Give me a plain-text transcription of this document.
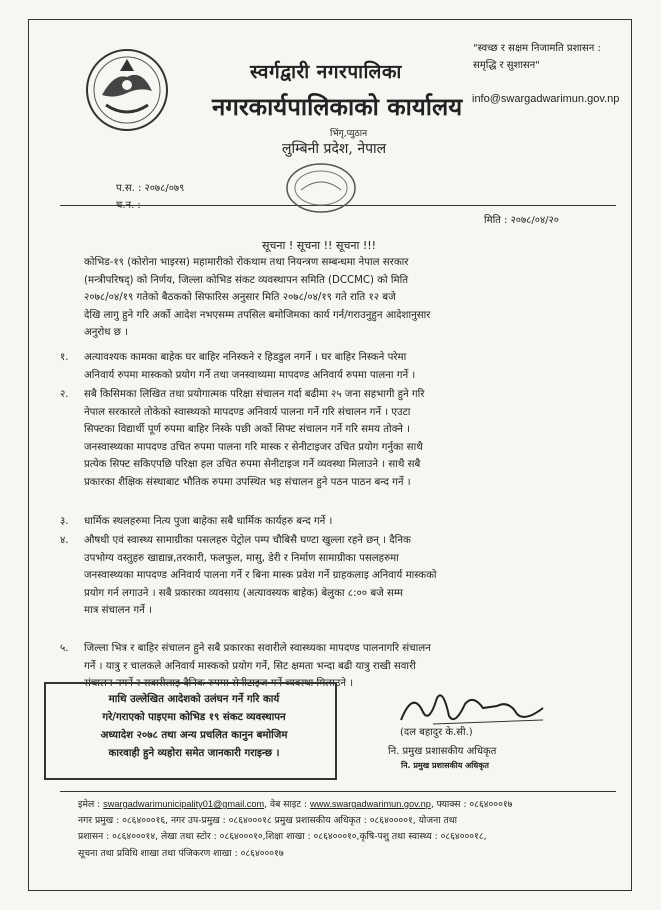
स्वर्गद्वारी नगरपालिका
नगरकार्यपालिकाको कार्यालय
"स्वच्छ र सक्षम निजामति प्रशासन :
समृद्धि र सुशासन"
info@swargadwarimun.gov.np
भिंगृ,प्युठान
लुम्बिनी प्रदेश, नेपाल
प.स. : २०७८/०७९
च.न. :
मिति : २०७८/०४/२०
सूचना ! सूचना !! सूचना !!!
कोभिड-१९ (कोरोना भाइरस) महामारीको रोकथाम तथा नियन्त्रण सम्बन्धमा नेपाल सरकार
(मन्त्रीपरिषद्) को निर्णय, जिल्ला कोभिड संकट व्यवस्थापन समिति (DCCMC) को मिति
२०७८/०४/१९ गतेको बैठकको सिफारिस अनुसार मिति २०७८/०४/१९ गते राति १२ बजे
देखि लागु हुने गरि अर्को आदेश नभएसम्म तपसिल बमोजिमका कार्य गर्न/गराउनुहुन आदेशानुसार
अनुरोध छ ।
१.	अत्यावश्यक कामका बाहेक घर बाहिर ननिस्कने र हिडडुल नगर्ने । घर बाहिर निस्कने परेमा
अनिवार्य रुपमा मास्कको प्रयोग गर्ने तथा जनस्वाथ्यमा मापदण्ड अनिवार्य रुपमा पालना गर्ने ।
२.	सबै किसिमका लिखित तथा प्रयोगात्मक परिक्षा संचालन गर्दा बढीमा २५ जना सहभागी हुने गरि
नेपाल सरकारले तोकेको स्वास्थ्यको मापदण्ड अनिवार्य पालना गर्ने गरि संचालन गर्ने । एउटा
सिफ्टका विद्यार्थी पूर्ण रुपमा बाहिर निस्के पछी अर्को सिफ्ट संचालन गर्ने गरि समय तोक्ने ।
जनस्वास्थ्यका मापदण्ड उचित रुपमा पालना गरि मास्क र सेनीटाइजर उचित प्रयोग गर्नुका साथै
प्रत्येक सिफ्ट सकिएपछि परिक्षा हल उचित रुपमा सेनीटाइज गर्ने व्यवस्था मिलाउने । साथै सबै
प्रकारका शैक्षिक संस्थाबाट भौतिक रुपमा उपस्थित भइ संचालन हुने पठन पाठन बन्द गर्ने ।
३.	धार्मिक स्थलहरुमा नित्य पुजा बाहेका सबै धार्मिक कार्यहरु बन्द गर्ने ।
४.	औषधी एवं स्वास्थ्य सामाग्रीका पसलहरु पेट्रोल पम्प चौबिसै घण्टा खुल्ला रहने छन् । दैनिक
उपभोग्य वस्तुहरु खाद्यान्न,तरकारी, फलफुल, मासु, डेरी र निर्माण सामाग्रीका पसलहरुमा
जनस्वास्थ्यका मापदण्ड अनिवार्य पालना गर्ने र बिना मास्क प्रवेश गर्ने ग्राहकलाइ अनिवार्य मास्कको
प्रयोग गर्न लगाउने । सबै प्रकारका व्यवसाय (अत्यावस्यक बाहेक) बेलुका ८:०० बजे सम्म
मात्र संचालन गर्ने ।
५.	जिल्ला भित्र र बाहिर संचालन हुने सबै प्रकारका सवारीले स्वास्थ्यका मापदण्ड पालनागरि संचालन
गर्ने । यात्रु र चालकले अनिवार्य मास्कको प्रयोग गर्ने, सिट क्षमता भन्दा बढी यात्रु राखी सवारी
संचालन नगर्ने र सवारीलाइ दैनिक रुपमा सेनीटाइज गर्ने व्यवस्था मिलाउने ।
माथि उल्लेखित आदेशको उलंघन गर्ने गरि कार्य
गरे/गराएको पाइएमा कोभिड १९ संकट व्यवस्थापन
अध्यादेश २०७८ तथा अन्य प्रचलित कानुन बमोजिम
कारवाही हुने व्यहोरा समेत जानकारी गराइन्छ ।
(दल बहादुर के.सी.)
नि. प्रमुख प्रशासकीय अधिकृत
नि. प्रमुख प्रशासकीय अधिकृत
इमेल : swargadwarimunicipality01@gmail.com, वेब साइट : www.swargadwarimun.gov.np, फ्याक्स : ०८६४०००१७
नगर प्रमुख : ०८६४०००१६, नगर उप-प्रमुख : ०८६४०००१८ प्रमुख प्रशासकीय अधिकृत : ०८६४००००१, योजना तथा
प्रशासन : ०८६४०००१४, लेखा तथा स्टोर : ०८६४०००१०,शिक्षा शाखा : ०८६४०००१०,कृषि-पशु तथा स्वास्थ्य : ०८६४०००१८,
सूचना तथा प्रविधि शाखा तथा पंजिकरण शाखा : ०८६४०००१७
